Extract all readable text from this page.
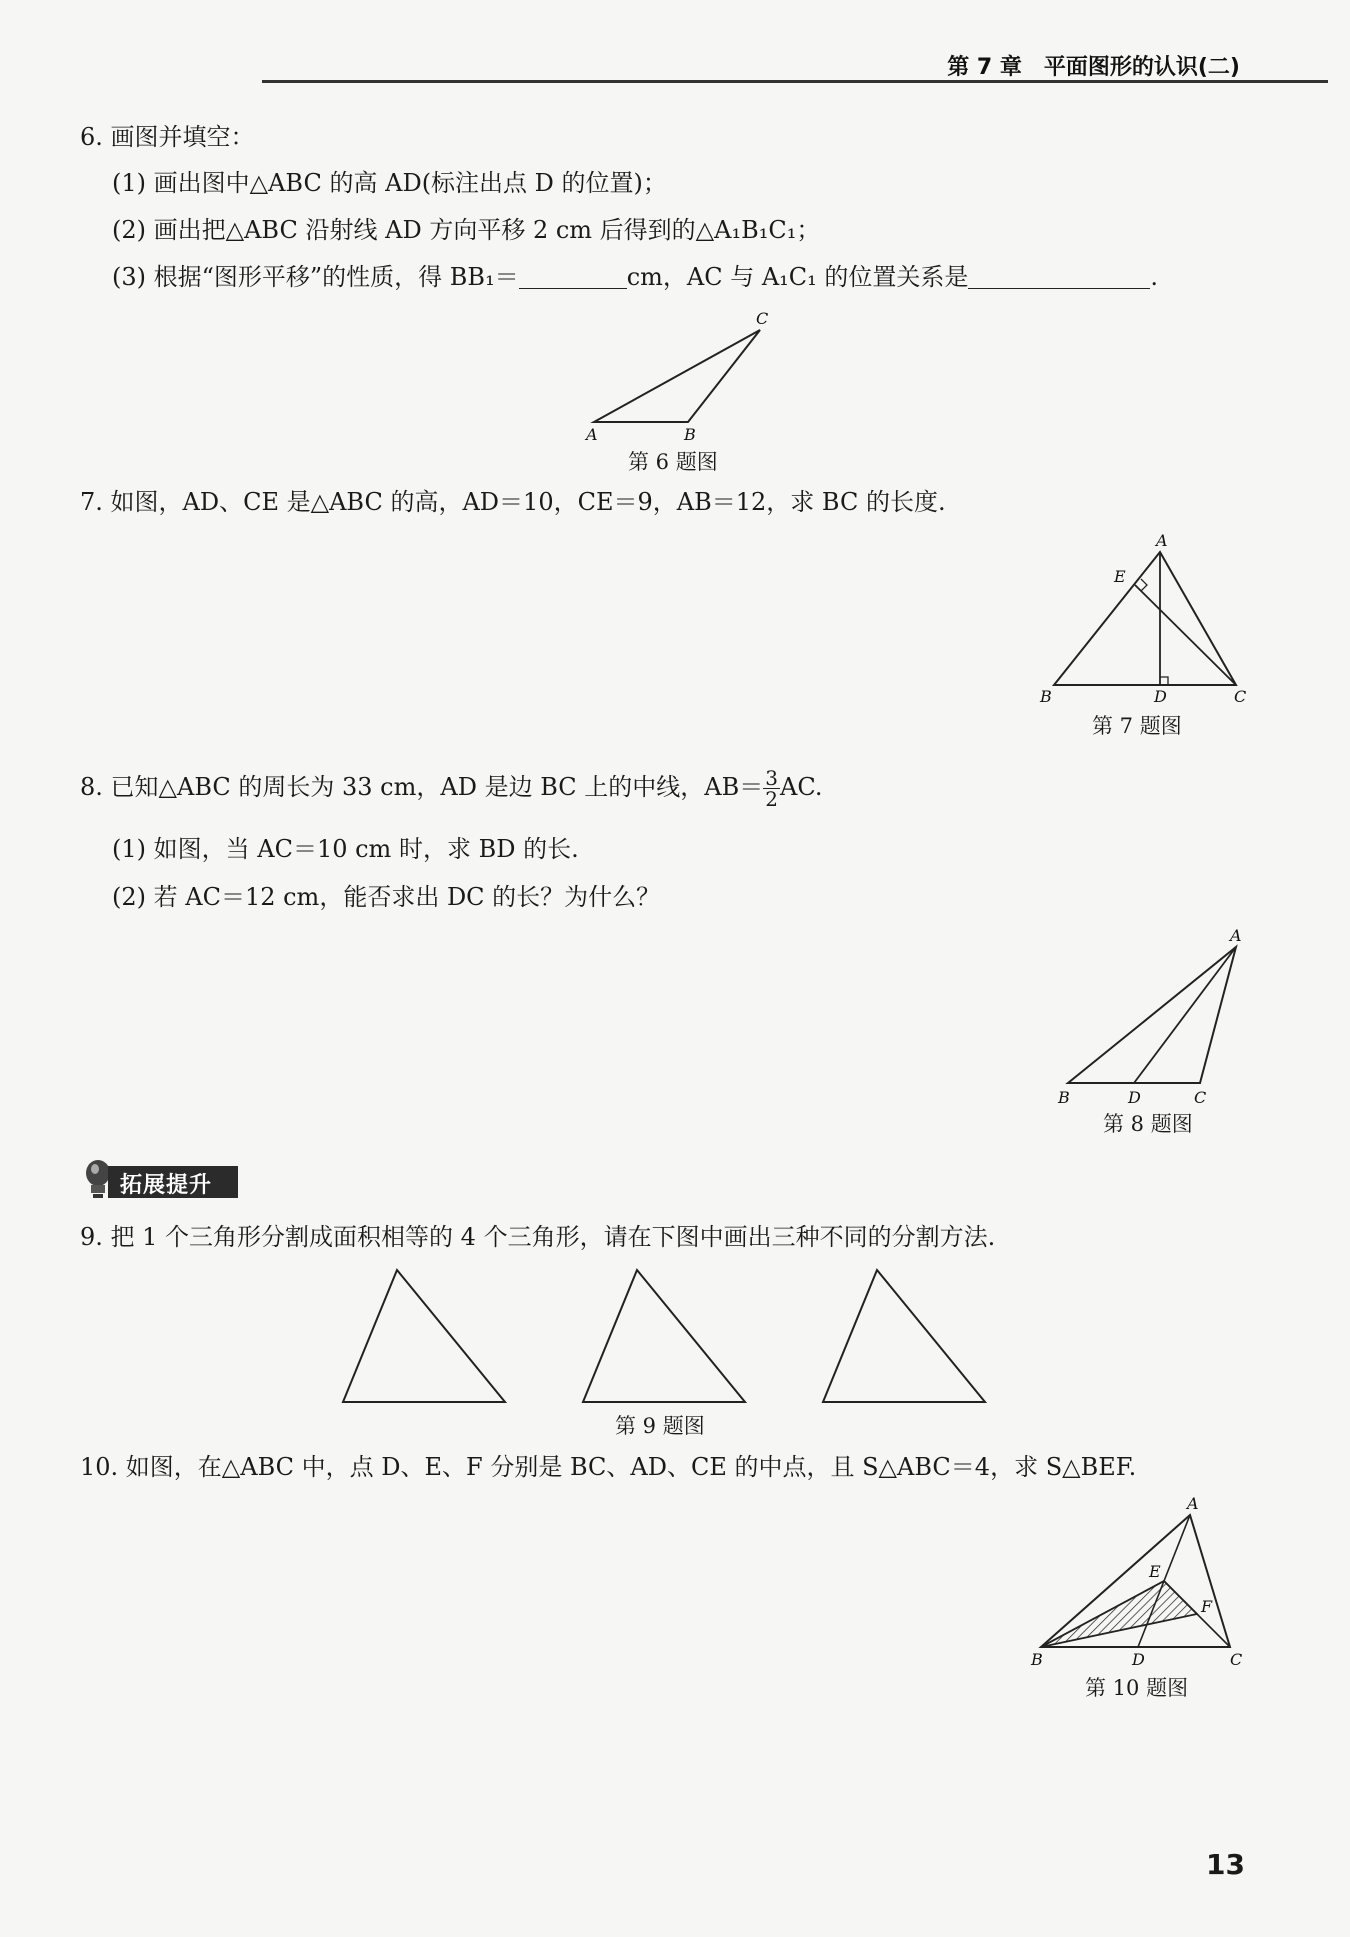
第 7 章　平面图形的认识(二)
6. 画图并填空：
(1) 画出图中△ABC 的高 AD(标注出点 D 的位置)；
(2) 画出把△ABC 沿射线 AD 方向平移 2 cm 后得到的△A₁B₁C₁；
(3) 根据“图形平移”的性质，得 BB₁＝	cm，AC 与 A₁C₁ 的位置关系是	.
A	B
C
第 6 题图
7. 如图，AD、CE 是△ABC 的高，AD＝10，CE＝9，AB＝12，求 BC 的长度.
A
E
B	D	C
第 7 题图
8. 已知△ABC 的周长为 33 cm，AD 是边 BC 上的中线，$AB= \frac{3}{2}$ AC.
(1) 如图，当 AC＝10 cm 时，求 BD 的长.
(2) 若 AC＝12 cm，能否求出 DC 的长？为什么？
A
B	D	C
第 8 题图
拓展提升
9. 把 1 个三角形分割成面积相等的 4 个三角形，请在下图中画出三种不同的分割方法.
第 9 题图
10. 如图，在△ABC 中，点 D、E、F 分别是 BC、AD、CE 的中点，且 S△ABC＝4，求 S△BEF.
A
E
F
B	D	C
第 10 题图
13
